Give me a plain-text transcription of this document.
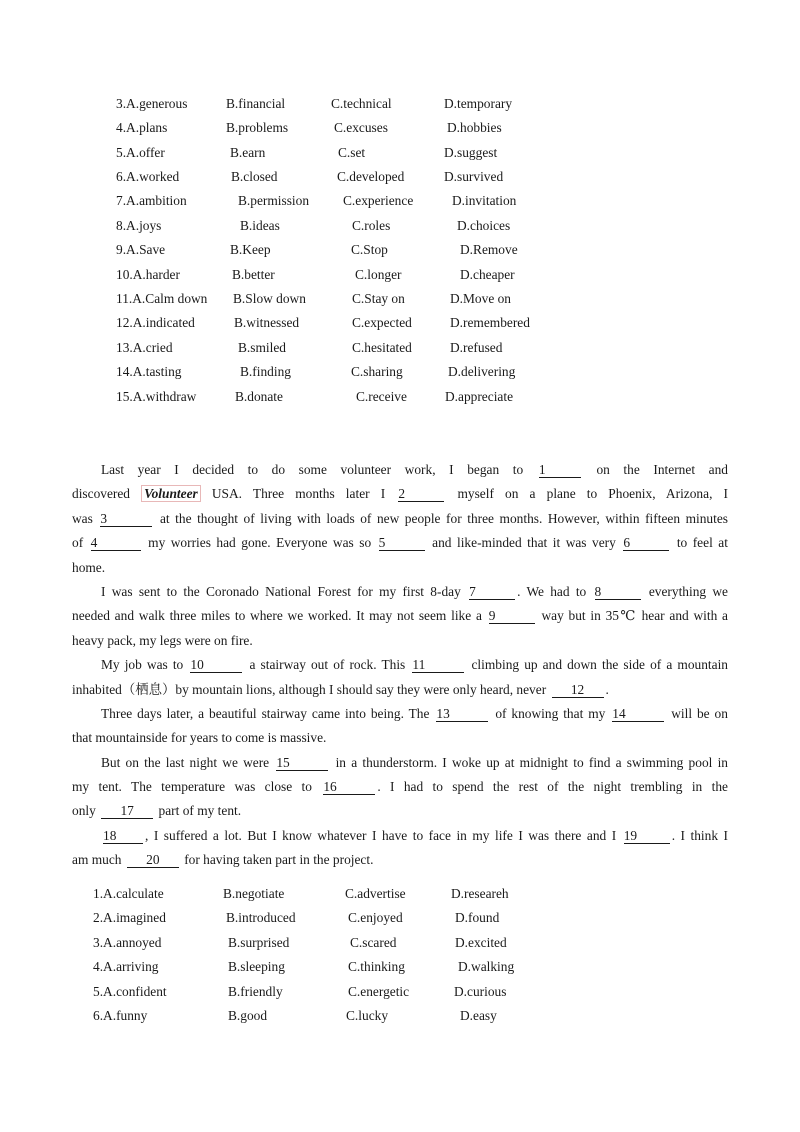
3.A.generous	B.financial	C.technical	D.temporary
4.A.plans	B.problems	C.excuses	D.hobbies
5.A.offer	B.earn	C.set	D.suggest
6.A.worked	B.closed	C.developed	D.survived
7.A.ambition	B.permission	C.experience	D.invitation
8.A.joys	B.ideas	C.roles	D.choices
9.A.Save	B.Keep	C.Stop	D.Remove
10.A.harder	B.better	C.longer	D.cheaper
11.A.Calm down B.Slow down	C.Stay on	D.Move on
12.A.indicated	B.witnessed	C.expected	D.remembered
13.A.cried	B.smiled	C.hesitated	D.refused
14.A.tasting	B.finding	C.sharing	D.delivering
15.A.withdraw	B.donate	C.receive	D.appreciate
Last year I decided to do some volunteer work, I began to 1	on the Internet and
discovered Volunteer USA. Three months later I 2	myself on a plane to Phoenix, Arizona, I
was 3	at the thought of living with loads of new people for three months. However, within fifteen minutes
of 4	my worries had gone. Everyone was so 5	and like-minded that it was very 6	to feel at
home.
I was sent to the Coronado National Forest for my first 8-day 7	. We had to 8	everything we
needed and walk three miles to where we worked. It may not seem like a 9	way but in 35℃ hear and with a
heavy pack, my legs were on fire.
My job was to 10	a stairway out of rock. This 11	climbing up and down the side of a mountain
inhabited（栖息）by mountain lions, although I should say they were only heard, never 12 .
Three days later, a beautiful stairway came into being. The 13	of knowing that my 14	will be on
that mountainside for years to come is massive.
But on the last night we were 15	in a thunderstorm. I woke up at midnight to find a swimming pool in
my tent. The temperature was close to 16	. I had to spend the rest of the night trembling in the
only 17 part of my tent.
18 , I suffered a lot. But I know whatever I have to face in my life I was there and I 19	. I think I
am much 20 for having taken part in the project.
1.A.calculate	B.negotiate	C.advertise	D.researeh
2.A.imagined	B.introduced	C.enjoyed	D.found
3.A.annoyed	B.surprised	C.scared	D.excited
4.A.arriving	B.sleeping	C.thinking	D.walking
5.A.confident	B.friendly	C.energetic	D.curious
6.A.funny	B.good	C.lucky	D.easy
